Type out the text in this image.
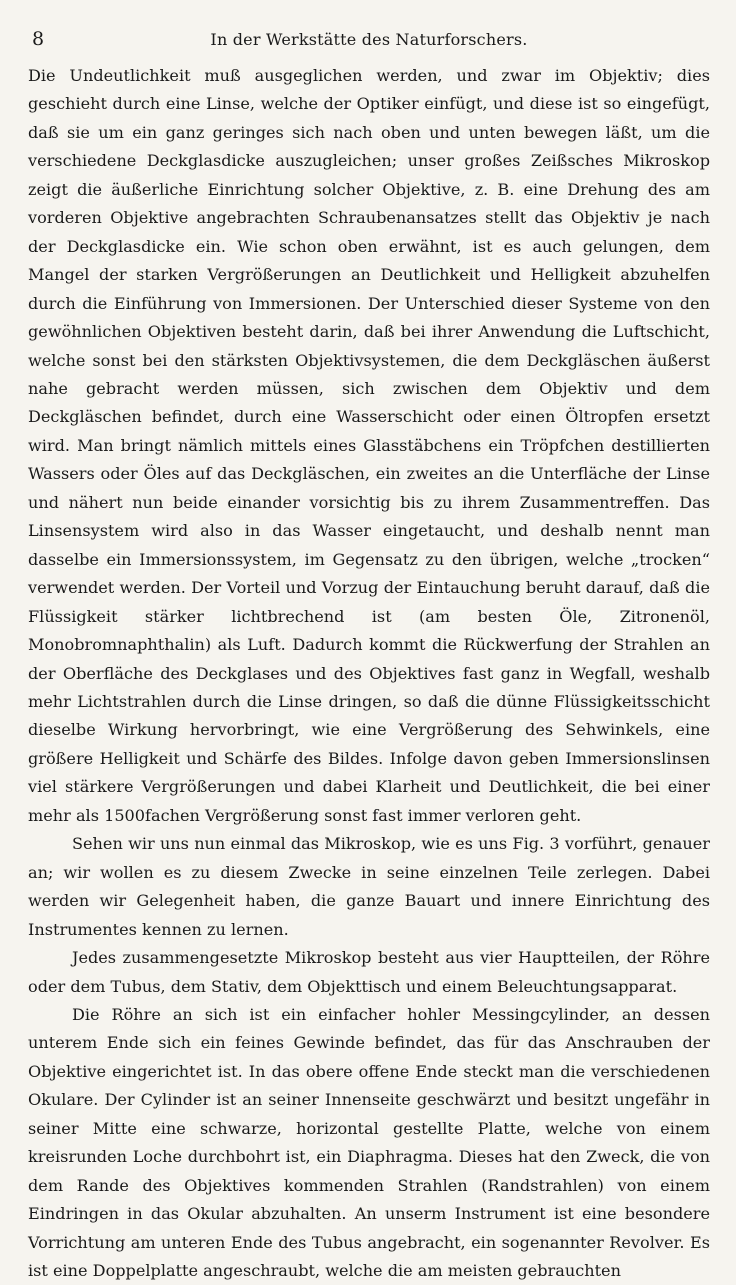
8	In der Werkstätte des Naturforschers.

Die Undeutlichkeit muß ausgeglichen werden, und zwar im Objektiv; dies geschieht durch eine Linse, welche der Optiker einfügt, und diese ist so eingefügt, daß sie um ein ganz geringes sich nach oben und unten bewegen läßt, um die verschiedene Deckglasdicke auszugleichen; unser großes Zeißsches Mikroskop zeigt die äußerliche Einrichtung solcher Objektive, z. B. eine Drehung des am vorderen Objektive angebrachten Schraubenansatzes stellt das Objektiv je nach der Deckglasdicke ein. Wie schon oben erwähnt, ist es auch gelungen, dem Mangel der starken Vergrößerungen an Deutlichkeit und Helligkeit abzuhelfen durch die Einführung von Immersionen. Der Unterschied dieser Systeme von den gewöhnlichen Objektiven besteht darin, daß bei ihrer Anwendung die Luftschicht, welche sonst bei den stärksten Objektivsystemen, die dem Deckgläschen äußerst nahe gebracht werden müssen, sich zwischen dem Objektiv und dem Deckgläschen befindet, durch eine Wasserschicht oder einen Öltropfen ersetzt wird. Man bringt nämlich mittels eines Glasstäbchens ein Tröpfchen destillierten Wassers oder Öles auf das Deckgläschen, ein zweites an die Unterfläche der Linse und nähert nun beide einander vorsichtig bis zu ihrem Zusammentreffen. Das Linsensystem wird also in das Wasser eingetaucht, und deshalb nennt man dasselbe ein Immersionssystem, im Gegensatz zu den übrigen, welche „trocken“ verwendet werden. Der Vorteil und Vorzug der Eintauchung beruht darauf, daß die Flüssigkeit stärker lichtbrechend ist (am besten Öle, Zitronenöl, Monobromnaphthalin) als Luft. Dadurch kommt die Rückwerfung der Strahlen an der Oberfläche des Deckglases und des Objektives fast ganz in Wegfall, weshalb mehr Lichtstrahlen durch die Linse dringen, so daß die dünne Flüssigkeitsschicht dieselbe Wirkung hervorbringt, wie eine Vergrößerung des Sehwinkels, eine größere Helligkeit und Schärfe des Bildes. Infolge davon geben Immersionslinsen viel stärkere Vergrößerungen und dabei Klarheit und Deutlichkeit, die bei einer mehr als 1500fachen Vergrößerung sonst fast immer verloren geht.

Sehen wir uns nun einmal das Mikroskop, wie es uns Fig. 3 vorführt, genauer an; wir wollen es zu diesem Zwecke in seine einzelnen Teile zerlegen. Dabei werden wir Gelegenheit haben, die ganze Bauart und innere Einrichtung des Instrumentes kennen zu lernen.

Jedes zusammengesetzte Mikroskop besteht aus vier Hauptteilen, der Röhre oder dem Tubus, dem Stativ, dem Objekttisch und einem Beleuchtungsapparat.

Die Röhre an sich ist ein einfacher hohler Messingcylinder, an dessen unterem Ende sich ein feines Gewinde befindet, das für das Anschrauben der Objektive eingerichtet ist. In das obere offene Ende steckt man die verschiedenen Okulare. Der Cylinder ist an seiner Innenseite geschwärzt und besitzt ungefähr in seiner Mitte eine schwarze, horizontal gestellte Platte, welche von einem kreisrunden Loche durchbohrt ist, ein Diaphragma. Dieses hat den Zweck, die von dem Rande des Objektives kommenden Strahlen (Randstrahlen) von einem Eindringen in das Okular abzuhalten. An unserm Instrument ist eine besondere Vorrichtung am unteren Ende des Tubus angebracht, ein sogenannter Revolver. Es ist eine Doppelplatte angeschraubt, welche die am meisten gebrauchten
